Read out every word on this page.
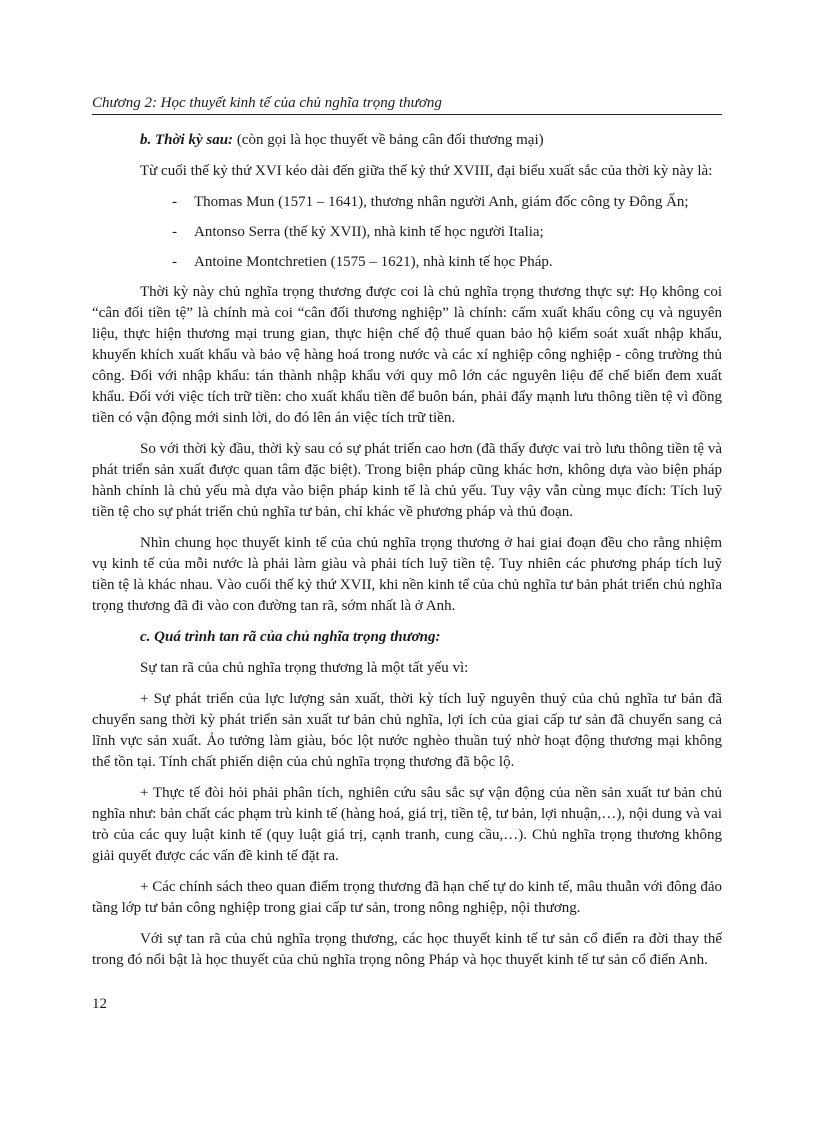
Chương 2: Học thuyết kinh tế của chủ nghĩa trọng thương

b. Thời kỳ sau: (còn gọi là học thuyết về bảng cân đối thương mại)

Từ cuối thế kỷ thứ XVI kéo dài đến giữa thế kỷ thứ XVIII, đại biểu xuất sắc của thời kỳ này là:

- Thomas Mun (1571 – 1641), thương nhân người Anh, giám đốc công ty Đông Ấn;
- Antonso Serra (thế kỷ XVII), nhà kinh tế học người Italia;
- Antoine Montchretien (1575 – 1621), nhà kinh tế học Pháp.

Thời kỳ này chủ nghĩa trọng thương được coi là chủ nghĩa trọng thương thực sự: Họ không coi “cân đối tiền tệ” là chính mà coi “cân đối thương nghiệp” là chính: cấm xuất khẩu công cụ và nguyên liệu, thực hiện thương mại trung gian, thực hiện chế độ thuế quan bảo hộ kiểm soát xuất nhập khẩu, khuyến khích xuất khẩu và bảo vệ hàng hoá trong nước và các xí nghiệp công nghiệp - công trường thủ công. Đối với nhập khẩu: tán thành nhập khẩu với quy mô lớn các nguyên liệu để chế biến đem xuất khẩu. Đối với việc tích trữ tiền: cho xuất khẩu tiền để buôn bán, phải đẩy mạnh lưu thông tiền tệ vì đồng tiền có vận động mới sinh lời, do đó lên án việc tích trữ tiền.

So với thời kỳ đầu, thời kỳ sau có sự phát triển cao hơn (đã thấy được vai trò lưu thông tiền tệ và phát triển sản xuất được quan tâm đặc biệt). Trong biện pháp cũng khác hơn, không dựa vào biện pháp hành chính là chủ yếu mà dựa vào biện pháp kinh tế là chủ yếu. Tuy vậy vẫn cùng mục đích: Tích luỹ tiền tệ cho sự phát triển chủ nghĩa tư bản, chỉ khác về phương pháp và thủ đoạn.

Nhìn chung học thuyết kinh tế của chủ nghĩa trọng thương ở hai giai đoạn đều cho rằng nhiệm vụ kinh tế của mỗi nước là phải làm giàu và phải tích luỹ tiền tệ. Tuy nhiên các phương pháp tích luỹ tiền tệ là khác nhau. Vào cuối thế kỷ thứ XVII, khi nền kinh tế của chủ nghĩa tư bản phát triển chủ nghĩa trọng thương đã đi vào con đường tan rã, sớm nhất là ở Anh.

c. Quá trình tan rã của chủ nghĩa trọng thương:

Sự tan rã của chủ nghĩa trọng thương là một tất yếu vì:

+ Sự phát triển của lực lượng sản xuất, thời kỳ tích luỹ nguyên thuỷ của chủ nghĩa tư bản đã chuyển sang thời kỳ phát triển sản xuất tư bản chủ nghĩa, lợi ích của giai cấp tư sản đã chuyển sang cả lĩnh vực sản xuất. Ảo tưởng làm giàu, bóc lột nước nghèo thuần tuý nhờ hoạt động thương mại không thể tồn tại. Tính chất phiến diện của chủ nghĩa trọng thương đã bộc lộ.

+ Thực tế đòi hỏi phải phân tích, nghiên cứu sâu sắc sự vận động của nền sản xuất tư bản chủ nghĩa như: bản chất các phạm trù kinh tế (hàng hoá, giá trị, tiền tệ, tư bản, lợi nhuận,…), nội dung và vai trò của các quy luật kinh tế (quy luật giá trị, cạnh tranh, cung cầu,…). Chủ nghĩa trọng thương không giải quyết được các vấn đề kinh tế đặt ra.

+ Các chính sách theo quan điểm trọng thương đã hạn chế tự do kinh tế, mâu thuẫn với đông đảo tầng lớp tư bản công nghiệp trong giai cấp tư sản, trong nông nghiệp, nội thương.

Với sự tan rã của chủ nghĩa trọng thương, các học thuyết kinh tế tư sản cổ điển ra đời thay thế trong đó nổi bật là học thuyết của chủ nghĩa trọng nông Pháp và học thuyết kinh tế tư sản cổ điển Anh.

12
